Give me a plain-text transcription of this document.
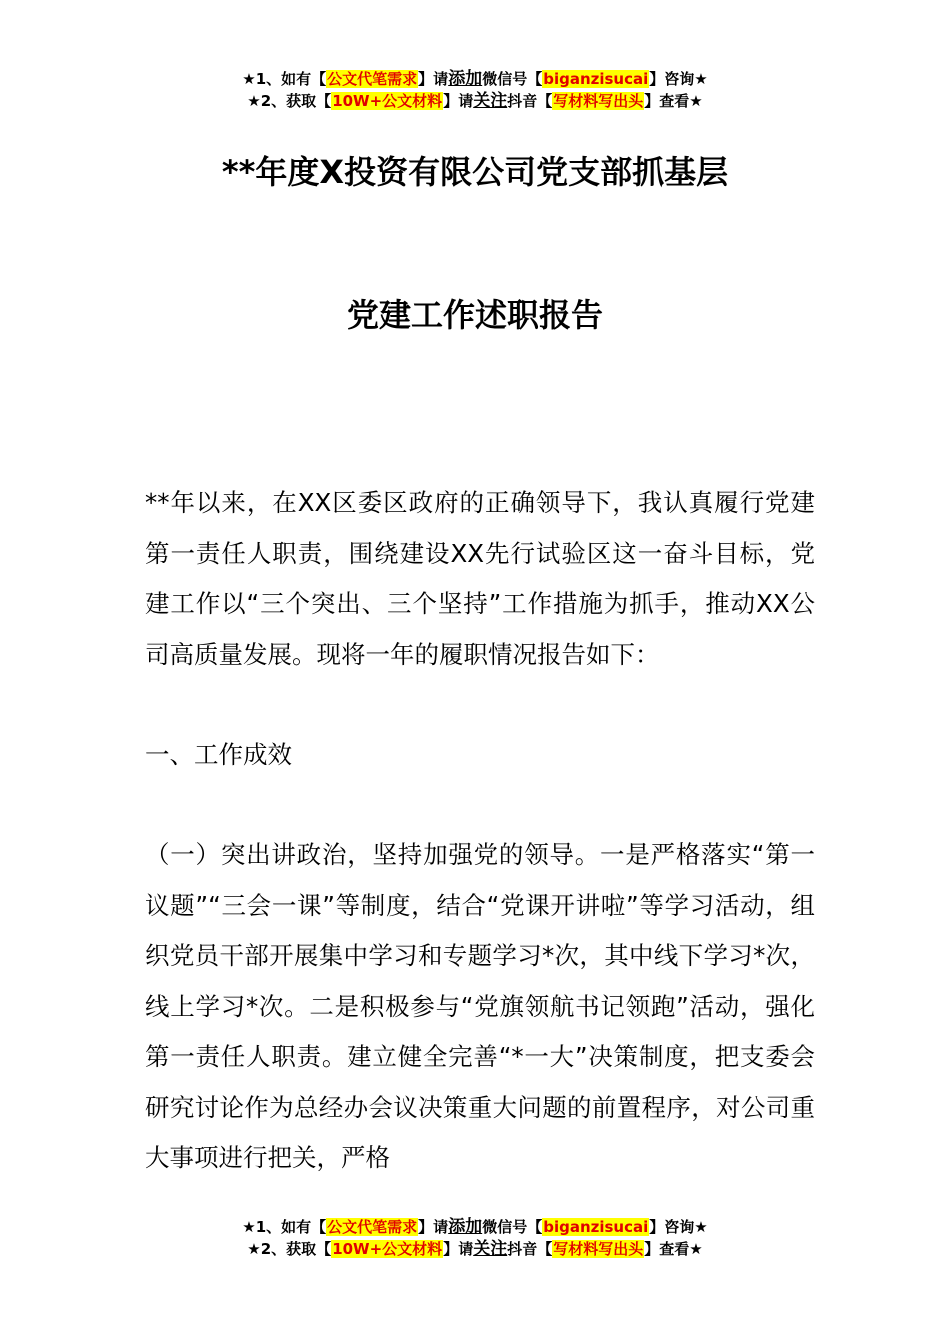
★1、如有【公文代笔需求】请添加微信号【biganzisucai】咨询★
★2、获取【10W+公文材料】请关注抖音【写材料写出头】查看★
**年度X投资有限公司党支部抓基层
党建工作述职报告

**年以来，在XX区委区政府的正确领导下，我认真履行党建第一责任人职责，围绕建设XX先行试验区这一奋斗目标，党建工作以“三个突出、三个坚持”工作措施为抓手，推动XX公司高质量发展。现将一年的履职情况报告如下：

一、工作成效

（一）突出讲政治，坚持加强党的领导。一是严格落实“第一议题”“三会一课”等制度，结合“党课开讲啦”等学习活动，组织党员干部开展集中学习和专题学习*次，其中线下学习*次，线上学习*次。二是积极参与“党旗领航书记领跑”活动，强化第一责任人职责。建立健全完善“*一大”决策制度，把支委会研究讨论作为总经办会议决策重大问题的前置程序，对公司重大事项进行把关，严格

★1、如有【公文代笔需求】请添加微信号【biganzisucai】咨询★
★2、获取【10W+公文材料】请关注抖音【写材料写出头】查看★
